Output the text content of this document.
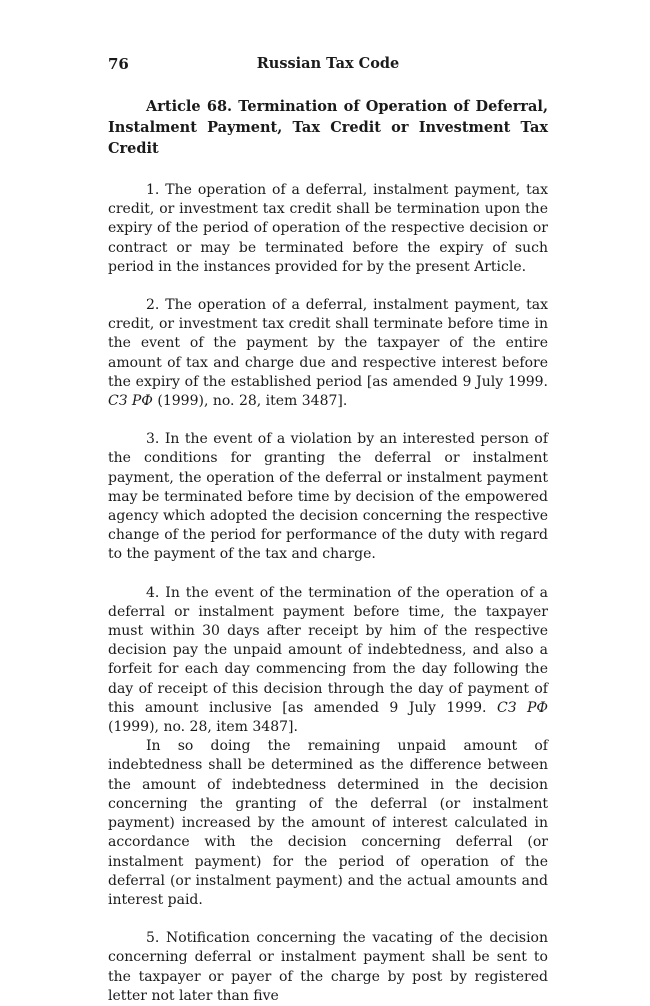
76	Russian Tax Code

Article 68. Termination of Operation of Deferral, Instalment Payment, Tax Credit or Investment Tax Credit

1. The operation of a deferral, instalment payment, tax credit, or investment tax credit shall be termination upon the expiry of the period of operation of the respective decision or contract or may be terminated before the expiry of such period in the instances provided for by the present Article.

2. The operation of a deferral, instalment payment, tax credit, or investment tax credit shall terminate before time in the event of the payment by the taxpayer of the entire amount of tax and charge due and respective interest before the expiry of the established period [as amended 9 July 1999. СЗ РФ (1999), no. 28, item 3487].

3. In the event of a violation by an interested person of the conditions for granting the deferral or instalment payment, the operation of the deferral or instalment payment may be terminated before time by decision of the empowered agency which adopted the decision concerning the respective change of the period for performance of the duty with regard to the payment of the tax and charge.

4. In the event of the termination of the operation of a deferral or instalment payment before time, the taxpayer must within 30 days after receipt by him of the respective decision pay the unpaid amount of indebtedness, and also a forfeit for each day commencing from the day following the day of receipt of this decision through the day of payment of this amount inclusive [as amended 9 July 1999. СЗ РФ (1999), no. 28, item 3487].

In so doing the remaining unpaid amount of indebtedness shall be determined as the difference between the amount of indebtedness determined in the decision concerning the granting of the deferral (or instalment payment) increased by the amount of interest calculated in accordance with the decision concerning deferral (or instalment payment) for the period of operation of the deferral (or instalment payment) and the actual amounts and interest paid.

5. Notification concerning the vacating of the decision concerning deferral or instalment payment shall be sent to the taxpayer or payer of the charge by post by registered letter not later than five
